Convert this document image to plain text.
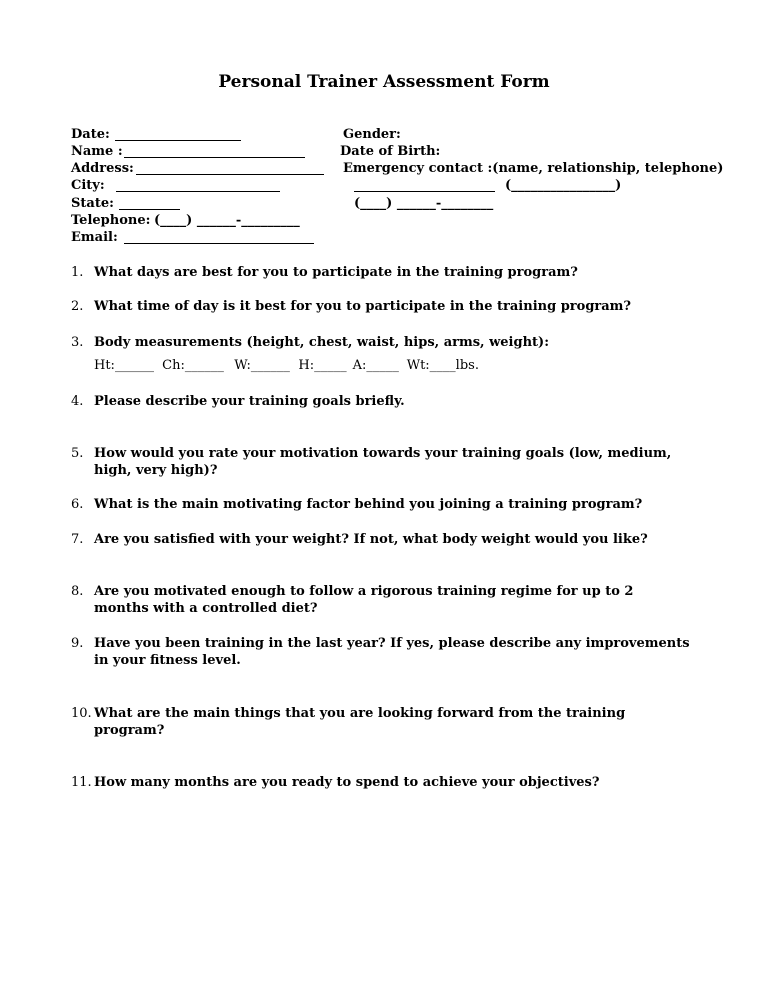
Personal Trainer Assessment Form
Date:
Name :
Address:
City:
State:
Telephone: (____) ______-_________
Email:
Gender:
Date of Birth:
Emergency contact :(name, relationship, telephone)
(________________)
(____) ______-________
1. What days are best for you to participate in the training program?
2. What time of day is it best for you to participate in the training program?
3. Body measurements (height, chest, waist, hips, arms, weight):
Ht:______ Ch:______ W:______ H:_____ A:_____ Wt:____lbs.
4. Please describe your training goals briefly.
5. How would you rate your motivation towards your training goals (low, medium, high, very high)?
6. What is the main motivating factor behind you joining a training program?
7. Are you satisfied with your weight? If not, what body weight would you like?
8. Are you motivated enough to follow a rigorous training regime for up to 2 months with a controlled diet?
9. Have you been training in the last year? If yes, please describe any improvements in your fitness level.
10. What are the main things that you are looking forward from the training program?
11. How many months are you ready to spend to achieve your objectives?
